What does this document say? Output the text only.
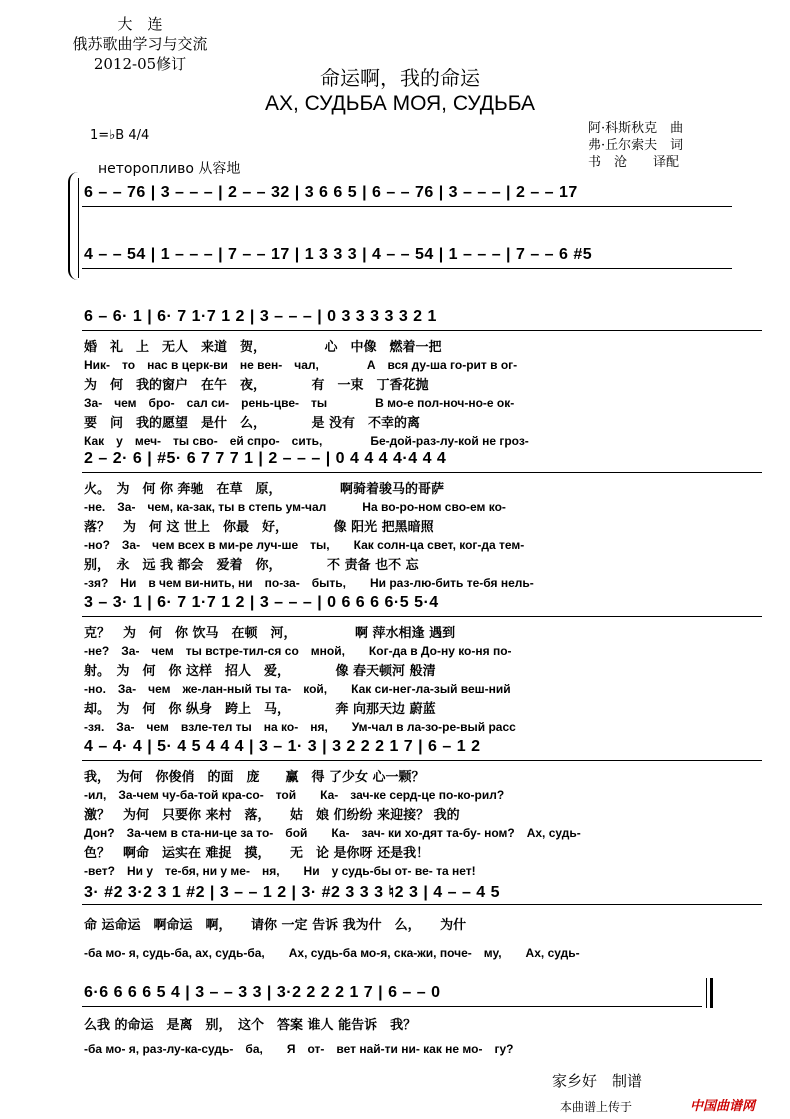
大　连
俄苏歌曲学习与交流
2012-05修订
命运啊，我的命运
АХ, СУДЬБА МОЯ, СУДЬБА
1=♭B 4/4
неторопливо 从容地
阿·科斯秋克　曲
弗·丘尔索夫　词
书　沧　　译配
6 – – 76 | 3 – – – | 2 – – 32 | 3 6 6 5 | 6 – – 76 | 3 – – – | 2 – – 17
4 – – 54 | 1 – – – | 7 – – 17 | 1 3 3 3 | 4 – – 54 | 1 – – – | 7 – – 6 #5
6 – 6· 1 | 6· 7 1·7 1 2 | 3 – – – | 0 3 3 3 3 3 2 1
婚　礼　上　无人　来道　贺，　　　　　心　中像　燃着一把
Ник-　то　нас в церк-ви　не вен-　чал,　　　　А　вся ду-ша го-рит в ог-
为　何　我的窗户　在午　夜，　　　　有　一束　丁香花抛
За-　чем　бро-　сал си-　рень-цве-　ты　　　　В мо-е пол-ноч-но-е ок-
要　问　我的愿望　是什　么，　　　　是 没有　不幸的离
Как　у　меч-　ты сво-　ей спро-　сить,　　　　Бе-дой-раз-лу-кой не гроз-
2 – 2· 6 | #5· 6 7 7 7 1 | 2 – – – | 0 4 4 4 4·4 4 4
火。　为　何 你 奔驰　在草　原，　　　　　啊骑着骏马的哥萨
-не.　За-　чем, ка-зак, ты в степь ум-чал　　　На во-ро-ном сво-ем ко-
落？　为　何 这 世上　你最　好，　　　　像 阳光 把黑暗照
-но?　За-　чем всех в ми-ре луч-ше　ты,　　Как солн-ца свет, ког-да тем-
别，　永　远 我 都会　爱着　你，　　　　不 责备 也不 忘
-зя?　Ни　в чем ви-нить, ни　по-за-　быть,　　Ни раз-лю-бить те-бя нель-
3 – 3· 1 | 6· 7 1·7 1 2 | 3 – – – | 0 6 6 6 6·5 5·4
克？　为　何　你 饮马　在顿　河，　　　　　啊 萍水相逢 遇到
-не?　За-　чем　ты встре-тил-ся со　мной,　　Ког-да в До-ну ко-ня по-
射。　为　何　你 这样　招人　爱，　　　　像 春天顿河 般清
-но.　За-　чем　же-лан-ный ты та-　кой,　　Как си-нег-ла-зый веш-ний
却。　为　何　你 纵身　跨上　马，　　　　奔 向那天边 蔚蓝
-зя.　За-　чем　взле-тел ты　на ко-　ня,　　Ум-чал в ла-зо-ре-вый расс
4 – 4· 4 | 5· 4 5 4 4 4 | 3 – 1· 3 | 3 2 2 2 1 7 | 6 – 1 2
我，　为何　你俊俏　的面　庞　　赢　得 了少女 心一颗？
-ил,　За-чем чу-ба-той кра-со-　той　　Ка-　зач-ке серд-це по-ко-рил?
激？　为何　只要你 来村　落，　　姑　娘 们纷纷 来迎接？ 我的
Дон?　За-чем в ста-ни-це за то-　бой　　Ка-　зач- ки хо-дят та-бу- ном?　Ах, судь-
色？　啊命　运实在 难捉　摸，　　无　论 是你呀 还是我！
-вет?　Ни у　те-бя, ни у ме-　ня,　　Ни　у судь-бы от- ве- та нет!
3· #2 3·2 3 1 #2 | 3 – – 1 2 | 3· #2 3 3 3 ♮2 3 | 4 – – 4 5
命 运命运　啊命运　啊，　　请你 一定 告诉 我为什　么，　　为什
-ба мо- я, судь-ба, ах, судь-ба,　　Ах, судь-ба мо-я, ска-жи, поче-　му,　　Ах, судь-
6·6 6 6 6 5 4 | 3 – – 3 3 | 3·2 2 2 2 1 7 | 6 – – 0
么我 的命运　是离　别，　这个　答案 谁人 能告诉　我？
-ба мо- я, раз-лу-ка-судь-　ба,　　Я　от-　вет най-ти ни- как не мо-　гу?
家乡好　制谱
本曲谱上传于	中国曲谱网
